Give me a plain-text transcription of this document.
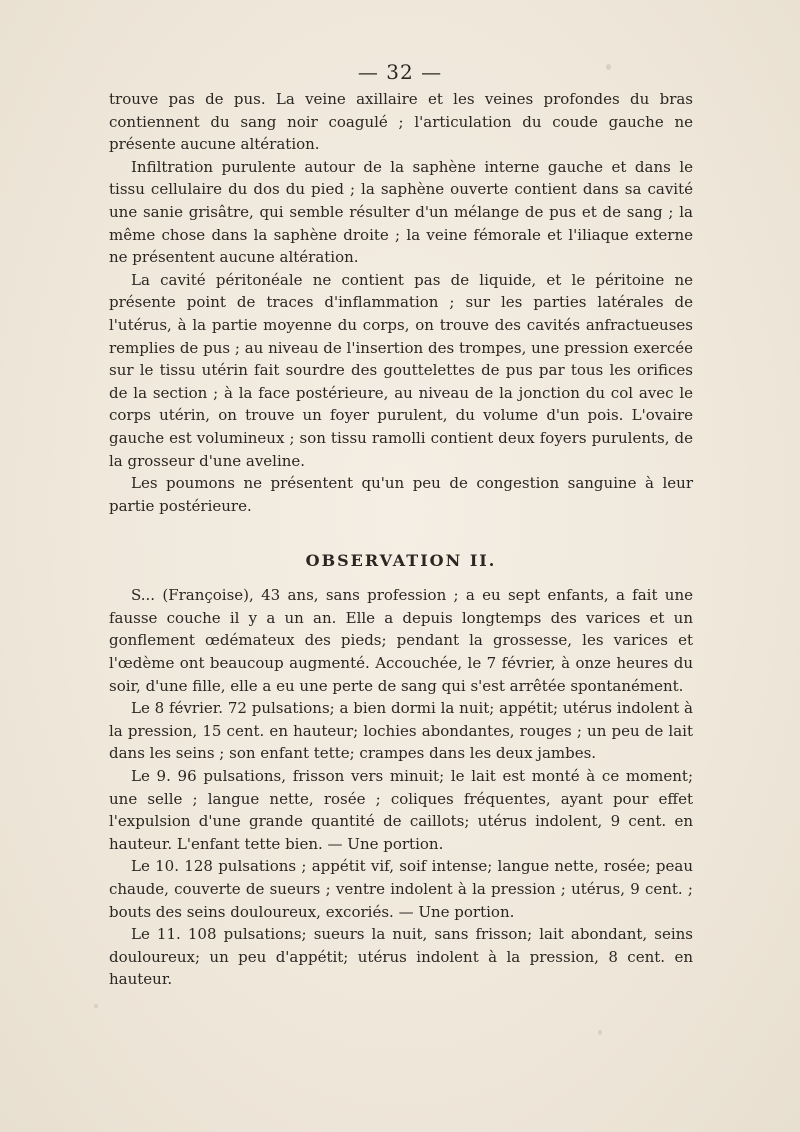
— 32 —

trouve pas de pus. La veine axillaire et les veines profondes du bras contiennent du sang noir coagulé ; l'articulation du coude gauche ne présente aucune altération.

Infiltration purulente autour de la saphène interne gauche et dans le tissu cellulaire du dos du pied ; la saphène ouverte contient dans sa cavité une sanie grisâtre, qui semble résulter d'un mélange de pus et de sang ; la même chose dans la saphène droite ; la veine fémorale et l'iliaque externe ne présentent aucune altération.

La cavité péritonéale ne contient pas de liquide, et le péritoine ne présente point de traces d'inflammation ; sur les parties latérales de l'utérus, à la partie moyenne du corps, on trouve des cavités anfractueuses remplies de pus ; au niveau de l'insertion des trompes, une pression exercée sur le tissu utérin fait sourdre des gouttelettes de pus par tous les orifices de la section ; à la face postérieure, au niveau de la jonction du col avec le corps utérin, on trouve un foyer purulent, du volume d'un pois. L'ovaire gauche est volumineux ; son tissu ramolli contient deux foyers purulents, de la grosseur d'une aveline.

Les poumons ne présentent qu'un peu de congestion sanguine à leur partie postérieure.

OBSERVATION II.

S... (Françoise), 43 ans, sans profession ; a eu sept enfants, a fait une fausse couche il y a un an. Elle a depuis longtemps des varices et un gonflement œdémateux des pieds; pendant la grossesse, les varices et l'œdème ont beaucoup augmenté. Accouchée, le 7 février, à onze heures du soir, d'une fille, elle a eu une perte de sang qui s'est arrêtée spontanément.

Le 8 février. 72 pulsations; a bien dormi la nuit; appétit; utérus indolent à la pression, 15 cent. en hauteur; lochies abondantes, rouges ; un peu de lait dans les seins ; son enfant tette; crampes dans les deux jambes.

Le 9. 96 pulsations, frisson vers minuit; le lait est monté à ce moment; une selle ; langue nette, rosée ; coliques fréquentes, ayant pour effet l'expulsion d'une grande quantité de caillots; utérus indolent, 9 cent. en hauteur. L'enfant tette bien. — Une portion.

Le 10. 128 pulsations ; appétit vif, soif intense; langue nette, rosée; peau chaude, couverte de sueurs ; ventre indolent à la pression ; utérus, 9 cent. ; bouts des seins douloureux, excoriés. — Une portion.

Le 11. 108 pulsations; sueurs la nuit, sans frisson; lait abondant, seins douloureux; un peu d'appétit; utérus indolent à la pression, 8 cent. en hauteur.
